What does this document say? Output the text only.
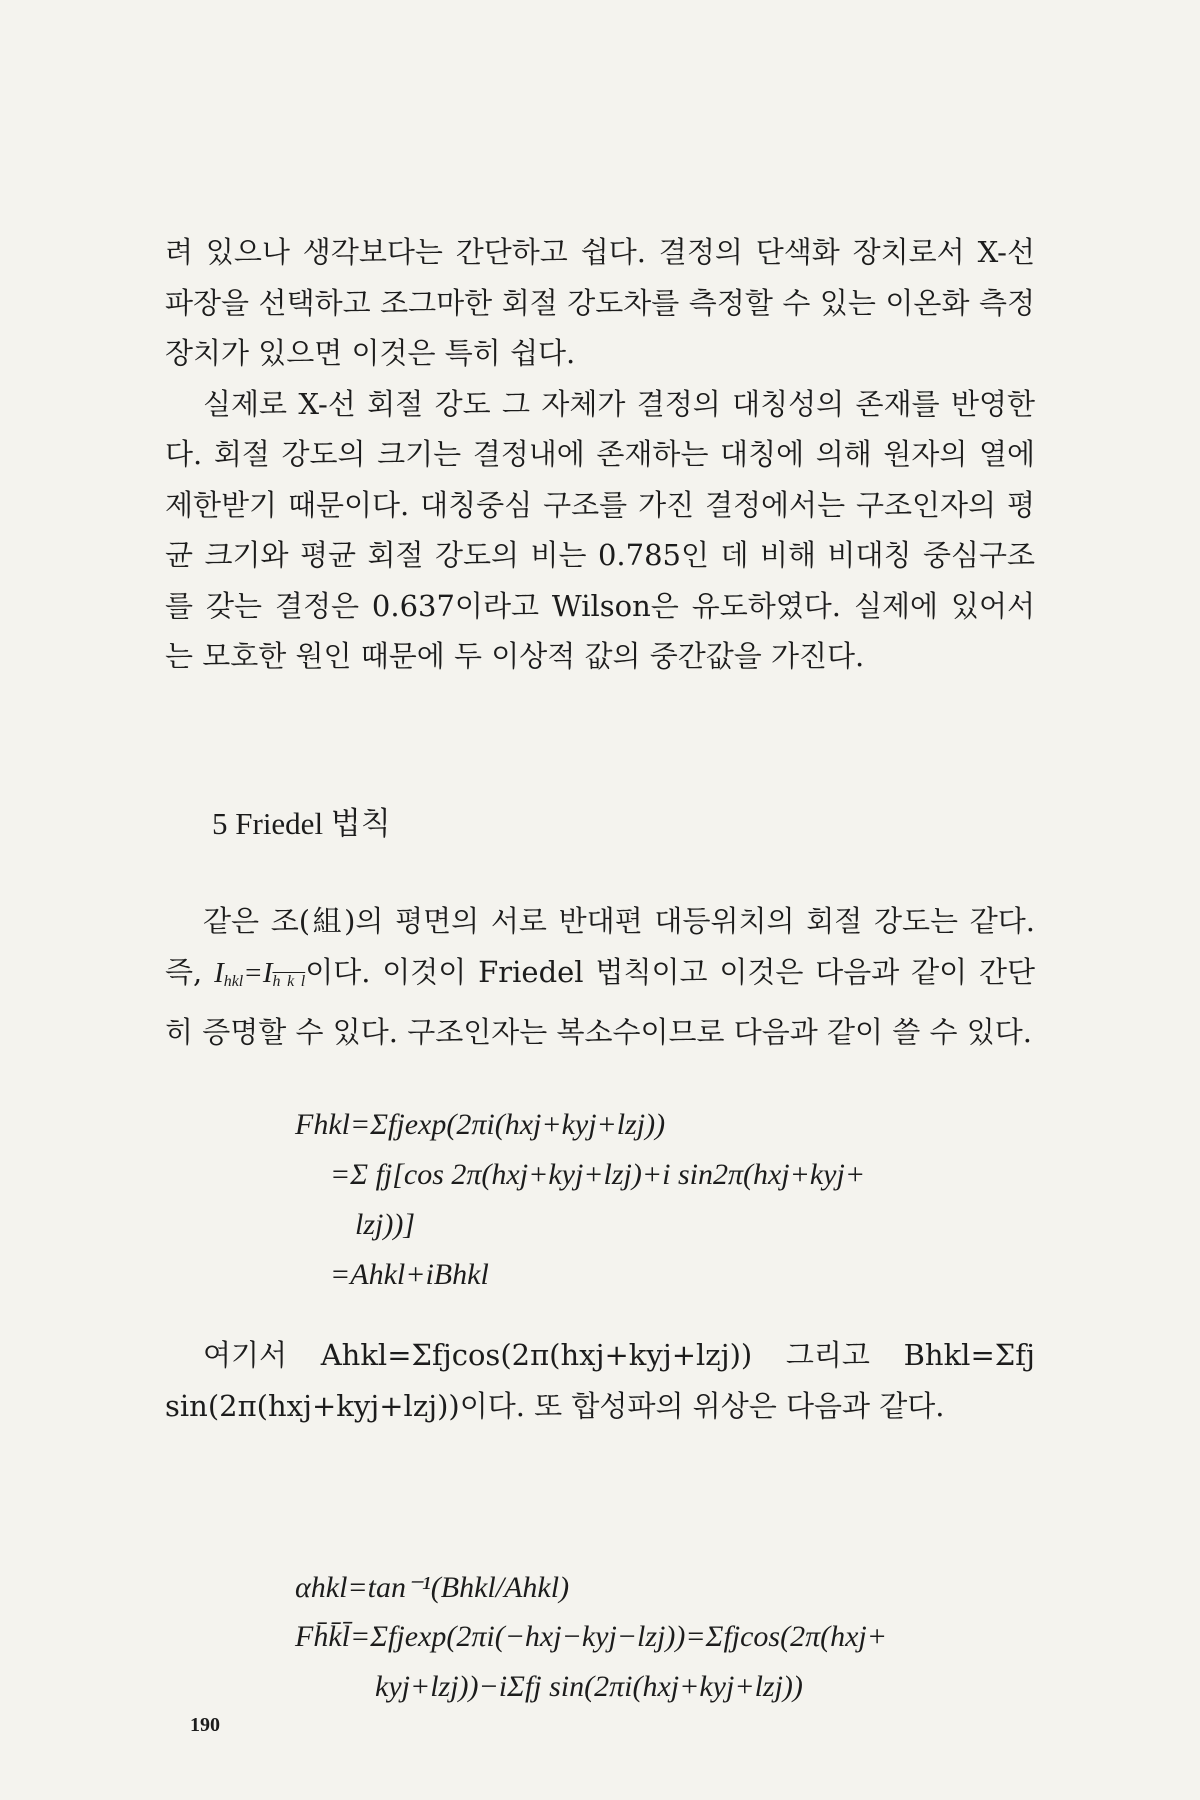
려 있으나 생각보다는 간단하고 쉽다. 결정의 단색화 장치로서 X-선 파장을 선택하고 조그마한 회절 강도차를 측정할 수 있는 이온화 측정 장치가 있으면 이것은 특히 쉽다.

실제로 X-선 회절 강도 그 자체가 결정의 대칭성의 존재를 반영한다. 회절 강도의 크기는 결정내에 존재하는 대칭에 의해 원자의 열에 제한받기 때문이다. 대칭중심 구조를 가진 결정에서는 구조인자의 평균 크기와 평균 회절 강도의 비는 0.785인 데 비해 비대칭 중심구조를 갖는 결정은 0.637이라고 Wilson은 유도하였다. 실제에 있어서는 모호한 원인 때문에 두 이상적 값의 중간값을 가진다.

5 Friedel 법칙

같은 조(組)의 평면의 서로 반대편 대등위치의 회절 강도는 같다. 즉, $I_{hkl}=I_{h k l}$이다. 이것이 Friedel 법칙이고 이것은 다음과 같이 간단히 증명할 수 있다. 구조인자는 복소수이므로 다음과 같이 쓸 수 있다.

Fhkl=Σfjexp(2πi(hxj+kyj+lzj))
=Σ fj[cos 2π(hxj+kyj+lzj)+i sin2π(hxj+kyj+
lzj))]
=Ahkl+iBhkl

여기서 Ahkl=Σfjcos(2π(hxj+kyj+lzj)) 그리고 Bhkl=Σfj sin(2π(hxj+kyj+lzj))이다. 또 합성파의 위상은 다음과 같다.

αhkl=tan⁻¹(Bhkl/Ahkl)
Fh̄k̄l̄=Σfjexp(2πi(−hxj−kyj−lzj))=Σfjcos(2π(hxj+
kyj+lzj))−iΣfj sin(2πi(hxj+kyj+lzj))
190
